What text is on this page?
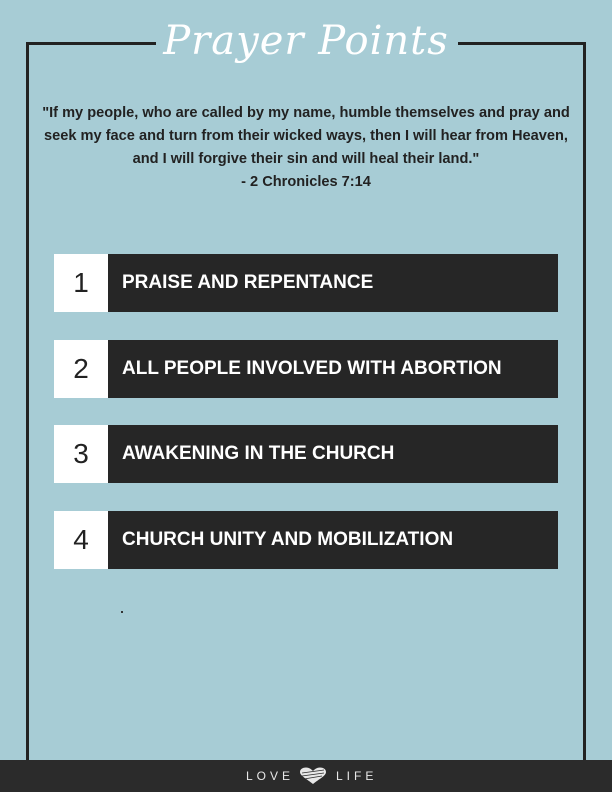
Prayer Points
"If my people, who are called by my name, humble themselves and pray and seek my face and turn from their wicked ways, then I will hear from Heaven, and I will forgive their sin and will heal their land."
- 2 Chronicles 7:14
1	PRAISE AND REPENTANCE
2	ALL PEOPLE INVOLVED WITH ABORTION
3	AWAKENING IN THE CHURCH
4	CHURCH UNITY AND MOBILIZATION
LOVE	LIFE
